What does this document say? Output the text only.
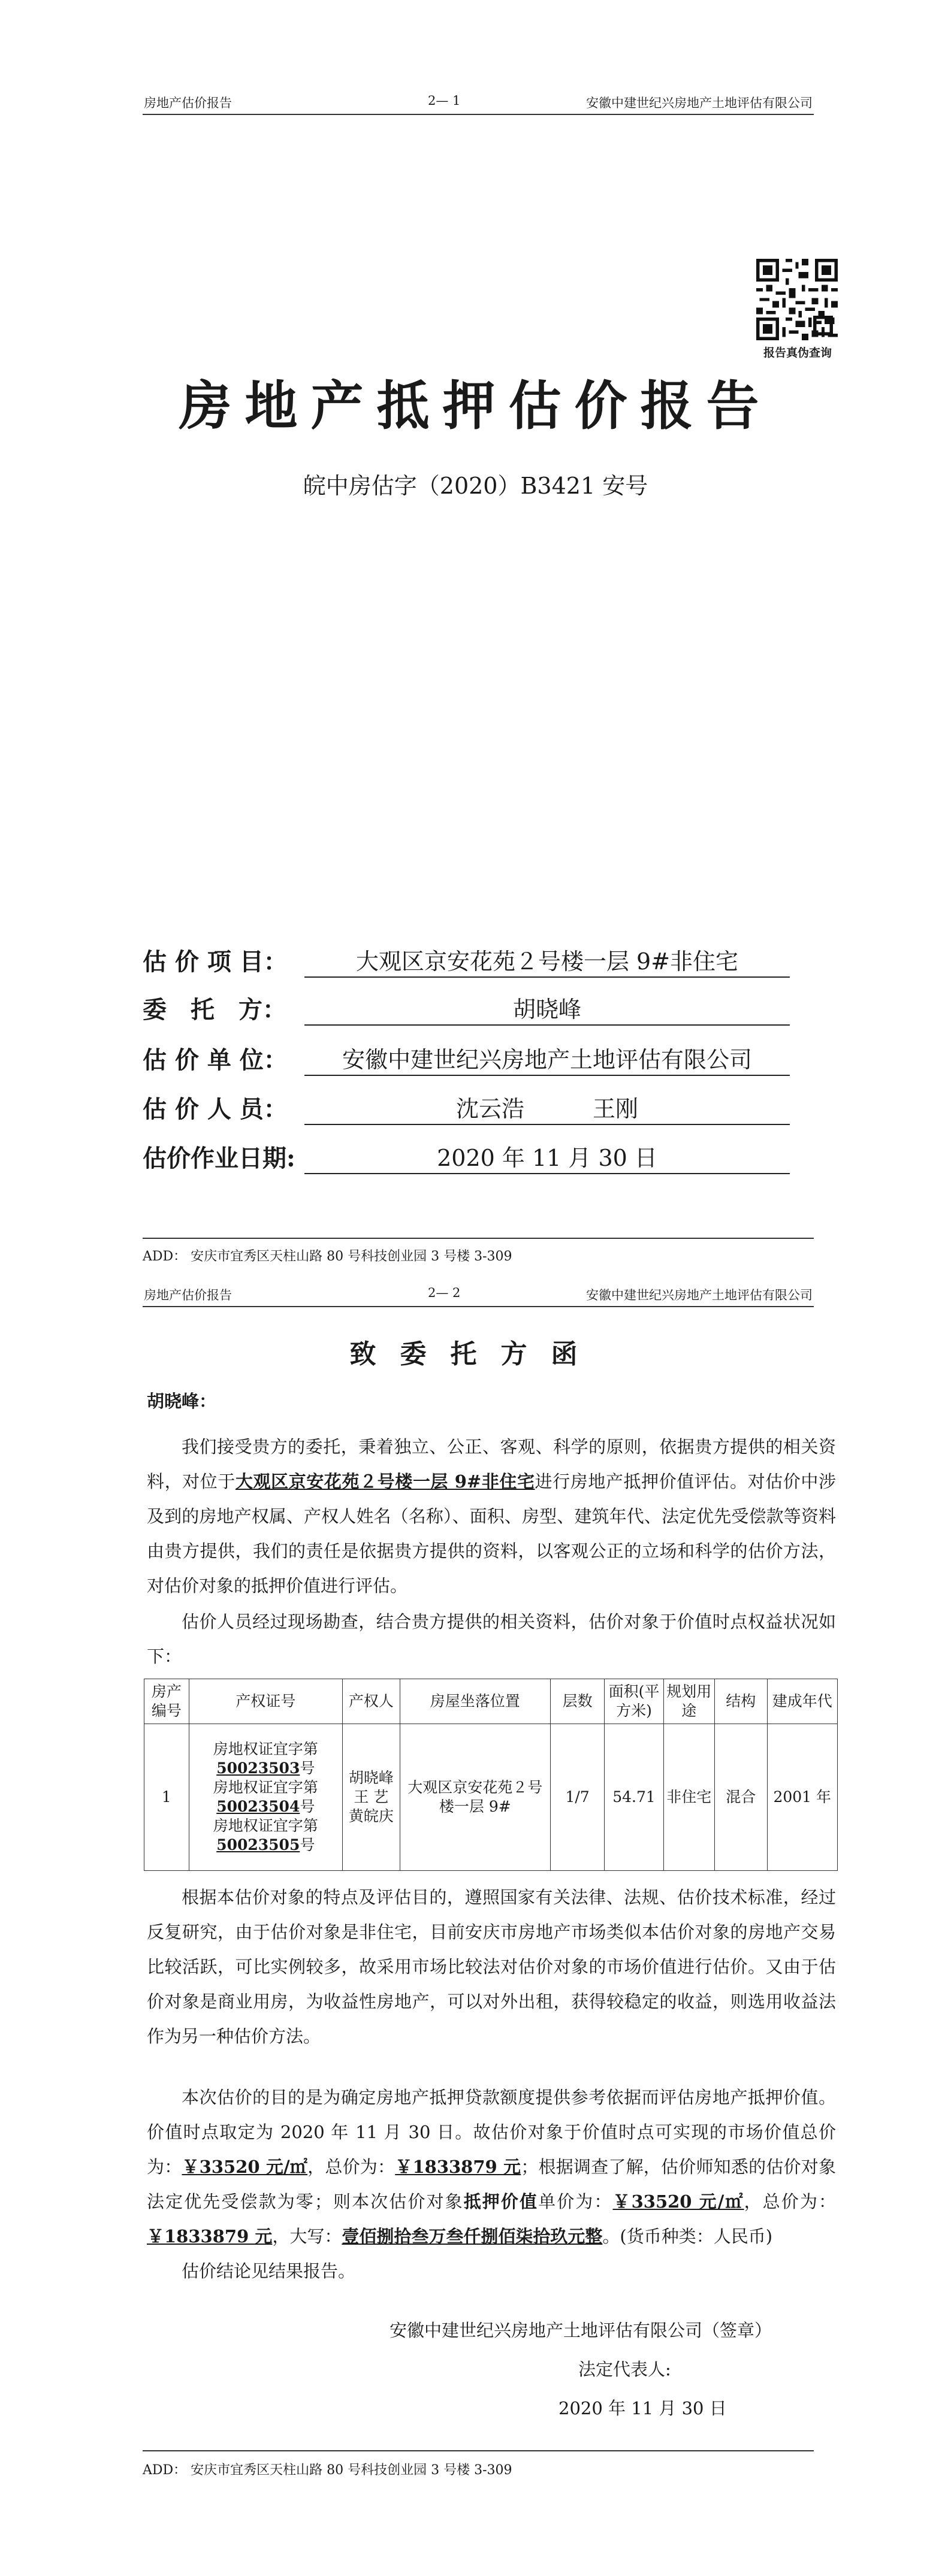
房地产估价报告	2— 1	安徽中建世纪兴房地产土地评估有限公司
报告真伪查询
房地产抵押估价报告
皖中房估字（2020）B3421 安号
估 价 项 目：	大观区京安花苑２号楼一层 9#非住宅
委　托　方：	胡晓峰
估 价 单 位：	安徽中建世纪兴房地产土地评估有限公司
估 价 人 员：	沈云浩　　　王刚
估价作业日期:	2020 年 11 月 30 日
ADD： 安庆市宜秀区天柱山路 80 号科技创业园 3 号楼 3-309
房地产估价报告	2— 2	安徽中建世纪兴房地产土地评估有限公司
致委托方函
胡晓峰：
我们接受贵方的委托，秉着独立、公正、客观、科学的原则，依据贵方提供的相关资料，对位于大观区京安花苑２号楼一层 9#非住宅进行房地产抵押价值评估。对估价中涉及到的房地产权属、产权人姓名（名称）、面积、房型、建筑年代、法定优先受偿款等资料由贵方提供，我们的责任是依据贵方提供的资料，以客观公正的立场和科学的估价方法，对估价对象的抵押价值进行评估。
估价人员经过现场勘查，结合贵方提供的相关资料，估价对象于价值时点权益状况如下：
房产编号	产权证号	产权人	房屋坐落位置	层数	面积(平方米)	规划用途	结构	建成年代
1	房地权证宜字第50023503号
房地权证宜字第50023504号
房地权证宜字第50023505号	胡晓峰 王 艺 黄皖庆	大观区京安花苑２号楼一层 9#	1/7	54.71	非住宅	混合	2001 年
根据本估价对象的特点及评估目的，遵照国家有关法律、法规、估价技术标准，经过反复研究，由于估价对象是非住宅，目前安庆市房地产市场类似本估价对象的房地产交易比较活跃，可比实例较多，故采用市场比较法对估价对象的市场价值进行估价。又由于估价对象是商业用房，为收益性房地产，可以对外出租，获得较稳定的收益，则选用收益法作为另一种估价方法。
本次估价的目的是为确定房地产抵押贷款额度提供参考依据而评估房地产抵押价值。价值时点取定为 2020 年 11 月 30 日。故估价对象于价值时点可实现的市场价值总价为：￥33520 元/㎡，总价为：￥1833879 元；根据调查了解，估价师知悉的估价对象法定优先受偿款为零；则本次估价对象抵押价值单价为：￥33520 元/㎡，总价为：￥1833879 元，大写：壹佰捌拾叁万叁仟捌佰柒拾玖元整。(货币种类：人民币)
估价结论见结果报告。
安徽中建世纪兴房地产土地评估有限公司（签章）
法定代表人:
2020 年 11 月 30 日
ADD： 安庆市宜秀区天柱山路 80 号科技创业园 3 号楼 3-309
